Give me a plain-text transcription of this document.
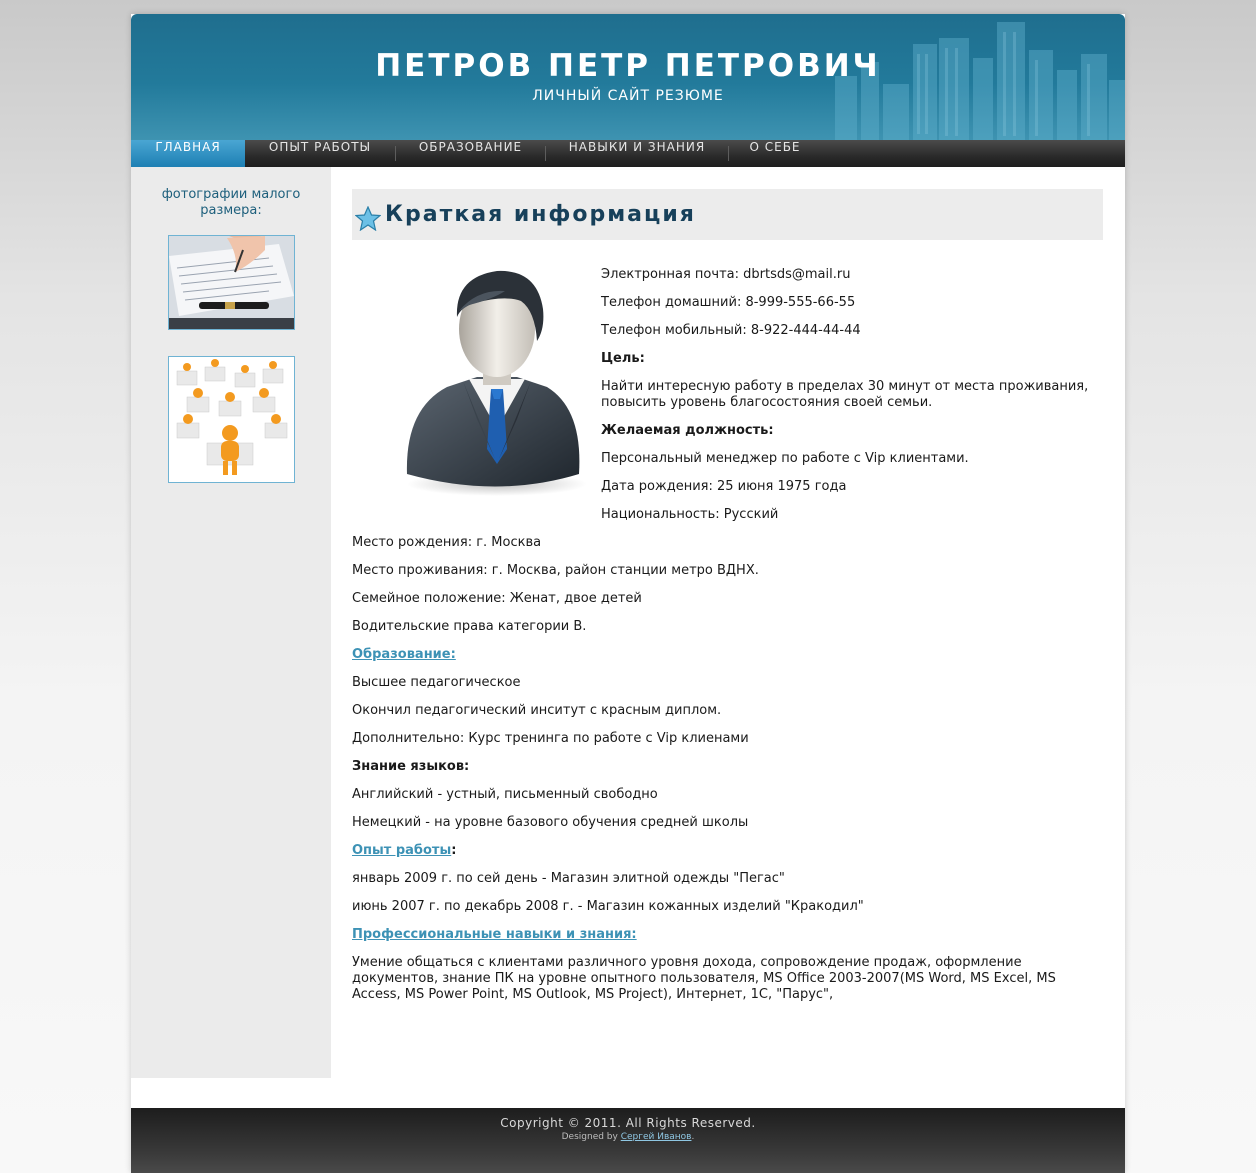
ПЕТРОВ ПЕТР ПЕТРОВИЧ
ЛИЧНЫЙ САЙТ РЕЗЮМЕ
ГЛАВНАЯ	ОПЫТ РАБОТЫ	ОБРАЗОВАНИЕ	НАВЫКИ И ЗНАНИЯ	О СЕБЕ
фотографии малого размера:	Краткая информация
Электронная почта: dbrtsds@mail.ru
Телефон домашний: 8-999-555-66-55
Телефон мобильный: 8-922-444-44-44
Цель:
Найти интересную работу в пределах 30 минут от места проживания, повысить уровень благосостояния своей семьи.
Желаемая должность:
Персональный менеджер по работе с Vip клиентами.
Дата рождения: 25 июня 1975 года
Национальность: Русский
Место рождения: г. Москва
Место проживания: г. Москва, район станции метро ВДНХ.
Семейное положение: Женат, двое детей
Водительские права категории В.
Образование:
Высшее педагогическое
Окончил педагогический инситут с красным диплом.
Дополнительно: Курс тренинга по работе с Vip клиенами
Знание языков:
Английский - устный, письменный свободно
Немецкий - на уровне базового обучения средней школы
Опыт работы:
январь 2009 г. по сей день - Магазин элитной одежды "Пегас"
июнь 2007 г. по декабрь 2008 г. - Магазин кожанных изделий "Кракодил"
Профессиональные навыки и знания:
Умение общаться с клиентами различного уровня дохода, сопровождение продаж, оформление документов, знание ПК на уровне опытного пользователя, MS Office 2003-2007(MS Word, MS Excel, MS Access, MS Power Point, MS Outlook, MS Project), Интернет, 1С, "Парус",
Copyright © 2011. All Rights Reserved.
Designed by Сергей Иванов.
